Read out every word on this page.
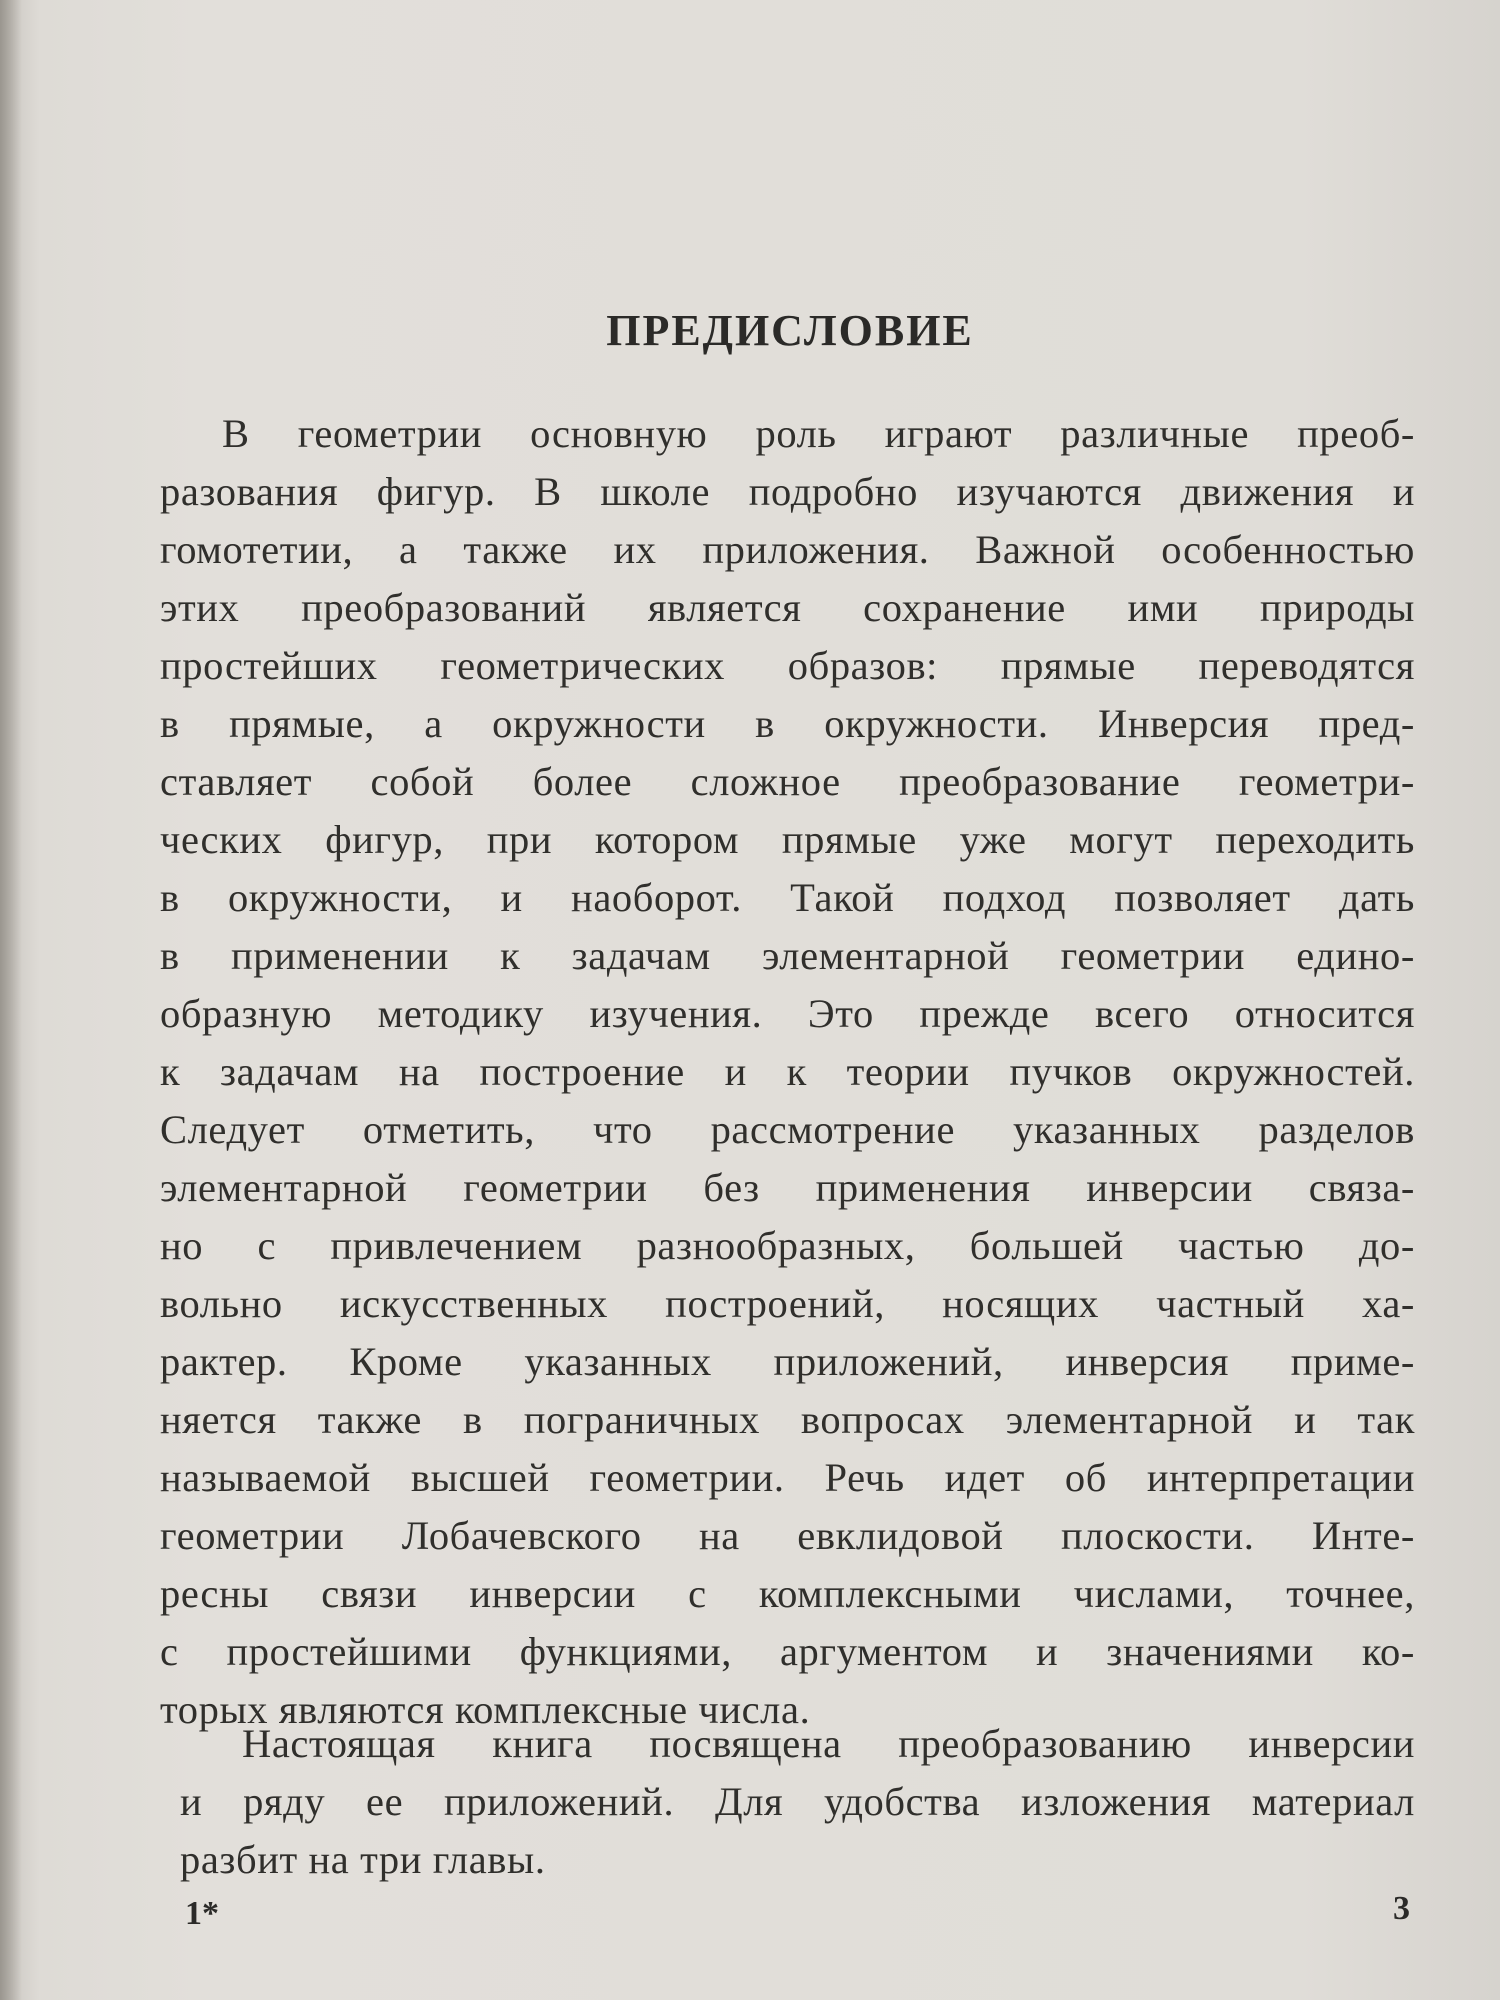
ПРЕДИСЛОВИЕ
В геометрии основную роль играют различные преоб-
разования фигур. В школе подробно изучаются движения и
гомотетии, а также их приложения. Важной особенностью
этих преобразований является сохранение ими природы
простейших геометрических образов: прямые переводятся
в прямые, а окружности в окружности. Инверсия пред-
ставляет собой более сложное преобразование геометри-
ческих фигур, при котором прямые уже могут переходить
в окружности, и наоборот. Такой подход позволяет дать
в применении к задачам элементарной геометрии едино-
образную методику изучения. Это прежде всего относится
к задачам на построение и к теории пучков окружностей.
Следует отметить, что рассмотрение указанных разделов
элементарной геометрии без применения инверсии связа-
но с привлечением разнообразных, большей частью до-
вольно искусственных построений, носящих частный ха-
рактер. Кроме указанных приложений, инверсия приме-
няется также в пограничных вопросах элементарной и так
называемой высшей геометрии. Речь идет об интерпретации
геометрии Лобачевского на евклидовой плоскости. Инте-
ресны связи инверсии с комплексными числами, точнее,
с простейшими функциями, аргументом и значениями ко-
торых являются комплексные числа.
Настоящая книга посвящена преобразованию инверсии
и ряду ее приложений. Для удобства изложения материал
разбит на три главы.
1*	3
